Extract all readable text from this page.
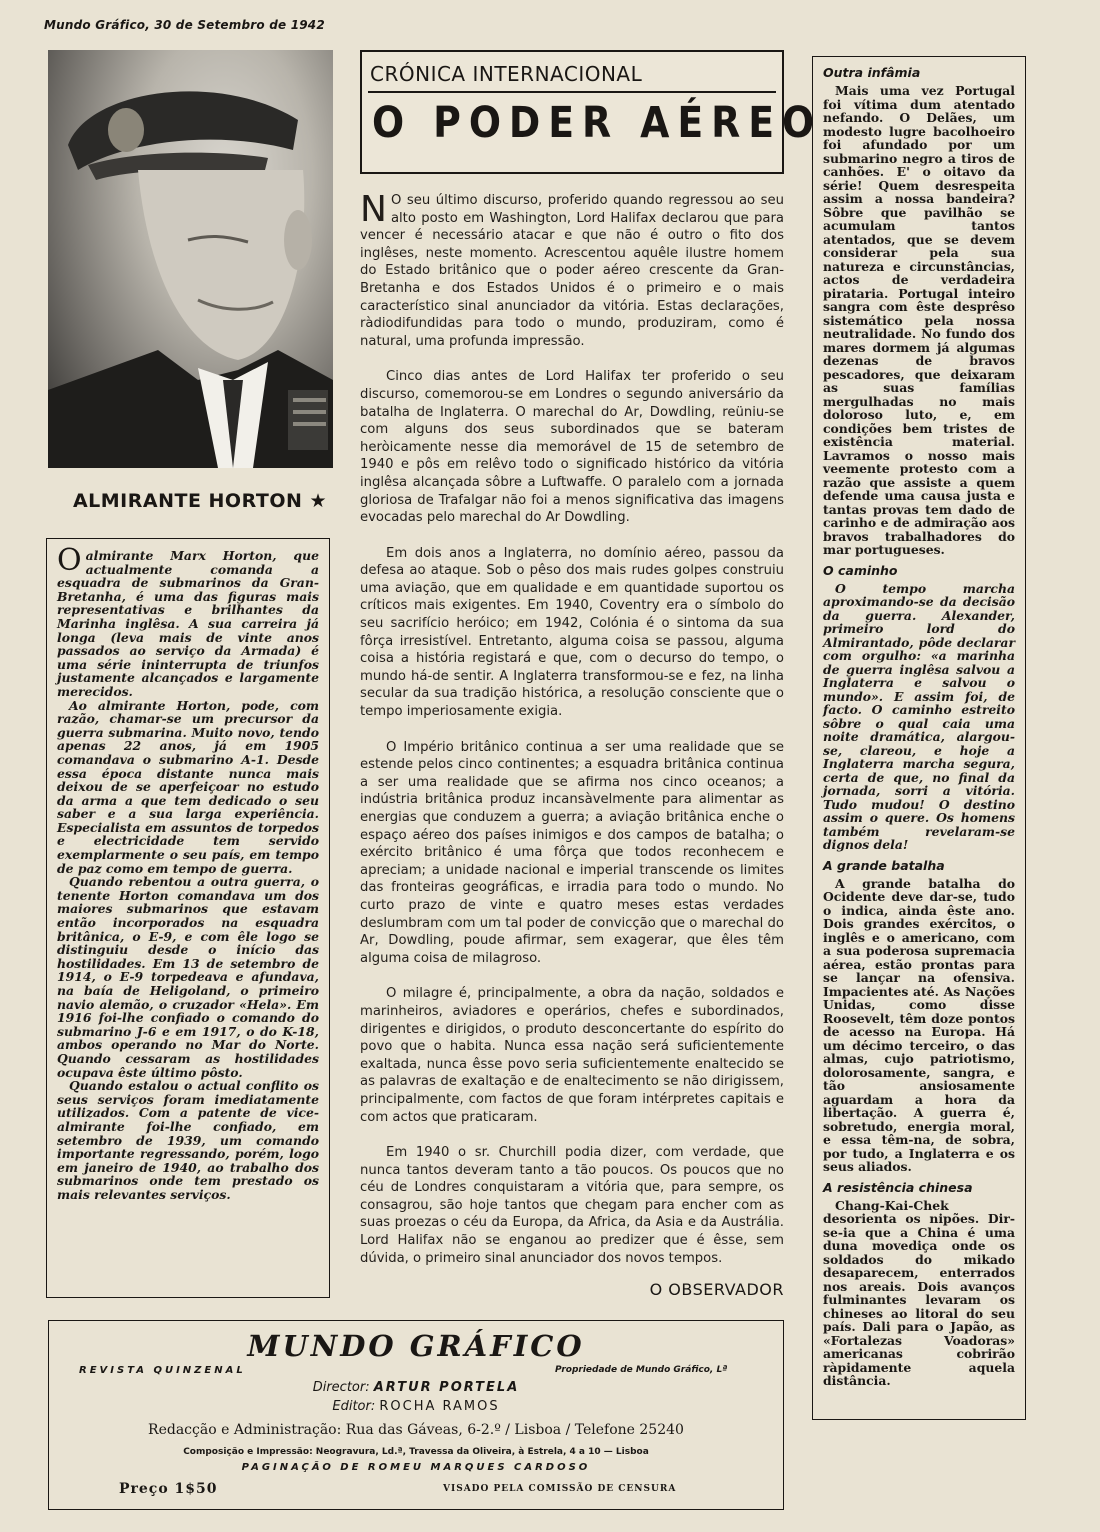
Mundo Gráfico, 30 de Setembro de 1942
ALMIRANTE HORTON ★

Oalmirante Marx Horton, que actualmente comanda a esquadra de submarinos da Gran-Bretanha, é uma das figuras mais representativas e brilhantes da Marinha inglêsa. A sua carreira já longa (leva mais de vinte anos passados ao serviço da Armada) é uma série ininterrupta de triunfos justamente alcançados e largamente merecidos.

Ao almirante Horton, pode, com razão, chamar-se um precursor da guerra submarina. Muito novo, tendo apenas 22 anos, já em 1905 comandava o submarino A-1. Desde essa época distante nunca mais deixou de se aperfeiçoar no estudo da arma a que tem dedicado o seu saber e a sua larga experiência. Especialista em assuntos de torpedos e electricidade tem servido exemplarmente o seu país, em tempo de paz como em tempo de guerra.

Quando rebentou a outra guerra, o tenente Horton comandava um dos maiores submarinos que estavam então incorporados na esquadra britânica, o E-9, e com êle logo se distinguiu desde o início das hostilidades. Em 13 de setembro de 1914, o E-9 torpedeava e afundava, na baía de Heligoland, o primeiro navio alemão, o cruzador «Hela». Em 1916 foi-lhe confiado o comando do submarino J-6 e em 1917, o do K-18, ambos operando no Mar do Norte. Quando cessaram as hostilidades ocupava êste último pôsto.

Quando estalou o actual conflito os seus serviços foram imediatamente utilizados. Com a patente de vice-almirante foi-lhe confiado, em setembro de 1939, um comando importante regressando, porém, logo em janeiro de 1940, ao trabalho dos submarinos onde tem prestado os mais relevantes serviços.

CRÓNICA INTERNACIONAL
O PODER AÉREO

N O seu último discurso, proferido quando regressou ao seu alto posto em Washington, Lord Halifax declarou que para vencer é necessário atacar e que não é outro o fito dos inglêses, neste momento. Acrescentou aquêle ilustre homem do Estado britânico que o poder aéreo crescente da Gran-Bretanha e dos Estados Unidos é o primeiro e o mais característico sinal anunciador da vitória. Estas declarações, ràdiodifundidas para todo o mundo, produziram, como é natural, uma profunda impressão.

Cinco dias antes de Lord Halifax ter proferido o seu discurso, comemorou-se em Londres o segundo aniversário da batalha de Inglaterra. O marechal do Ar, Dowdling, reüniu-se com alguns dos seus subordinados que se bateram heròicamente nesse dia memorável de 15 de setembro de 1940 e pôs em relêvo todo o significado histórico da vitória inglêsa alcançada sôbre a Luftwaffe. O paralelo com a jornada gloriosa de Trafalgar não foi a menos significativa das imagens evocadas pelo marechal do Ar Dowdling.

Em dois anos a Inglaterra, no domínio aéreo, passou da defesa ao ataque. Sob o pêso dos mais rudes golpes construiu uma aviação, que em qualidade e em quantidade suportou os críticos mais exigentes. Em 1940, Coventry era o símbolo do seu sacrifício heróico; em 1942, Colónia é o sintoma da sua fôrça irresistível. Entretanto, alguma coisa se passou, alguma coisa a história registará e que, com o decurso do tempo, o mundo há-de sentir. A Inglaterra transformou-se e fez, na linha secular da sua tradição histórica, a resolução consciente que o tempo imperiosamente exigia.

O Império britânico continua a ser uma realidade que se estende pelos cinco continentes; a esquadra britânica continua a ser uma realidade que se afirma nos cinco oceanos; a indústria britânica produz incansàvelmente para alimentar as energias que conduzem a guerra; a aviação britânica enche o espaço aéreo dos países inimigos e dos campos de batalha; o exército britânico é uma fôrça que todos reconhecem e apreciam; a unidade nacional e imperial transcende os limites das fronteiras geográficas, e irradia para todo o mundo. No curto prazo de vinte e quatro meses estas verdades deslumbram com um tal poder de convicção que o marechal do Ar, Dowdling, poude afirmar, sem exagerar, que êles têm alguma coisa de milagroso.

O milagre é, principalmente, a obra da nação, soldados e marinheiros, aviadores e operários, chefes e subordinados, dirigentes e dirigidos, o produto desconcertante do espírito do povo que o habita. Nunca essa nação será suficientemente exaltada, nunca êsse povo seria suficientemente enaltecido se as palavras de exaltação e de enaltecimento se não dirigissem, principalmente, com factos de que foram intérpretes capitais e com actos que praticaram.

Em 1940 o sr. Churchill podia dizer, com verdade, que nunca tantos deveram tanto a tão poucos. Os poucos que no céu de Londres conquistaram a vitória que, para sempre, os consagrou, são hoje tantos que chegam para encher com as suas proezas o céu da Europa, da Africa, da Asia e da Austrália. Lord Halifax não se enganou ao predizer que é êsse, sem dúvida, o primeiro sinal anunciador dos novos tempos.

O OBSERVADOR
Outra infâmia

Mais uma vez Portugal foi vítima dum atentado nefando. O Delães, um modesto lugre bacolhoeiro foi afundado por um submarino negro a tiros de canhões. E' o oitavo da série! Quem desrespeita assim a nossa bandeira? Sôbre que pavilhão se acumulam tantos atentados, que se devem considerar pela sua natureza e circunstâncias, actos de verdadeira pirataria. Portugal inteiro sangra com êste desprêso sistemático pela nossa neutralidade. No fundo dos mares dormem já algumas dezenas de bravos pescadores, que deixaram as suas famílias mergulhadas no mais doloroso luto, e, em condições bem tristes de existência material. Lavramos o nosso mais veemente protesto com a razão que assiste a quem defende uma causa justa e tantas provas tem dado de carinho e de admiração aos bravos trabalhadores do mar portugueses.

O caminho

O tempo marcha aproximando-se da decisão da guerra. Alexander, primeiro lord do Almirantado, pôde declarar com orgulho: «a marinha de guerra inglêsa salvou a Inglaterra e salvou o mundo». E assim foi, de facto. O caminho estreito sôbre o qual caia uma noite dramática, alargou-se, clareou, e hoje a Inglaterra marcha segura, certa de que, no final da jornada, sorri a vitória. Tudo mudou! O destino assim o quere. Os homens também revelaram-se dignos dela!

A grande batalha

A grande batalha do Ocidente deve dar-se, tudo o indica, ainda êste ano. Dois grandes exércitos, o inglês e o americano, com a sua poderosa supremacia aérea, estão prontas para se lançar na ofensiva. Impacientes até. As Nações Unidas, como disse Roosevelt, têm doze pontos de acesso na Europa. Há um décimo terceiro, o das almas, cujo patriotismo, dolorosamente, sangra, e tão ansiosamente aguardam a hora da libertação. A guerra é, sobretudo, energia moral, e essa têm-na, de sobra, por tudo, a Inglaterra e os seus aliados.

A resistência chinesa

Chang-Kai-Chek desorienta os nipões. Dir-se-ia que a China é uma duna movediça onde os soldados do mikado desaparecem, enterrados nos areais. Dois avanços fulminantes levaram os chineses ao litoral do seu país. Dali para o Japão, as «Fortalezas Voadoras» americanas cobrirão ràpidamente aquela distância.

MUNDO GRÁFICO
REVISTA QUINZENAL	Propriedade de Mundo Gráfico, Lª
Director: ARTUR PORTELA
Editor: ROCHA RAMOS
Redacção e Administração: Rua das Gáveas, 6-2.º / Lisboa / Telefone 25240
Composição e Impressão: Neogravura, Ld.ª, Travessa da Oliveira, à Estrela, 4 a 10 — Lisboa
PAGINAÇÃO DE ROMEU MARQUES CARDOSO
Preço 1$50	VISADO PELA COMISSÃO DE CENSURA
